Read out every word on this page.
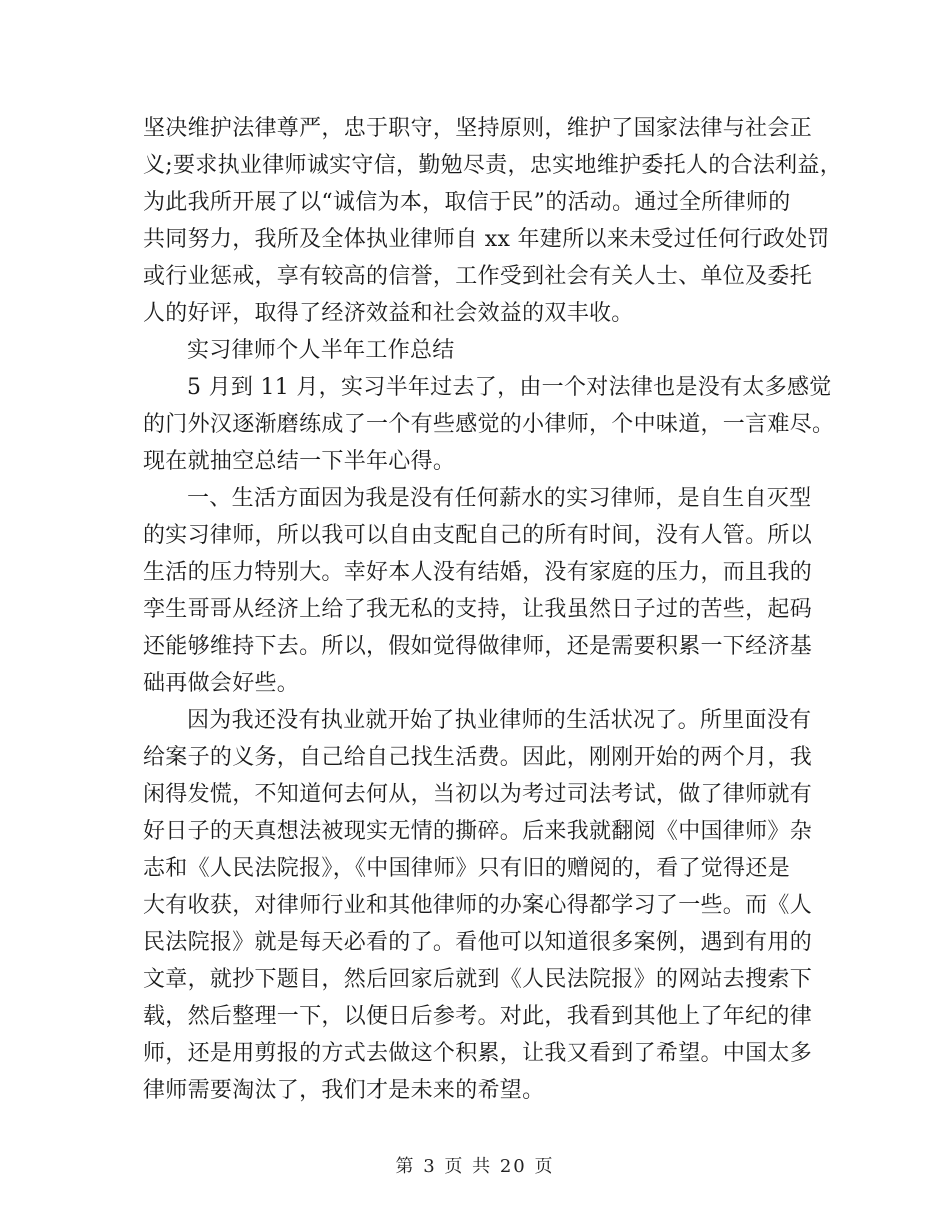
坚决维护法律尊严，忠于职守，坚持原则，维护了国家法律与社会正
义;要求执业律师诚实守信，勤勉尽责，忠实地维护委托人的合法利益，
为此我所开展了以“诚信为本，取信于民”的活动。通过全所律师的
共同努力，我所及全体执业律师自 xx 年建所以来未受过任何行政处罚
或行业惩戒，享有较高的信誉，工作受到社会有关人士、单位及委托
人的好评，取得了经济效益和社会效益的双丰收。
实习律师个人半年工作总结
5 月到 11 月，实习半年过去了，由一个对法律也是没有太多感觉
的门外汉逐渐磨练成了一个有些感觉的小律师，个中味道，一言难尽。
现在就抽空总结一下半年心得。
一、生活方面因为我是没有任何薪水的实习律师，是自生自灭型
的实习律师，所以我可以自由支配自己的所有时间，没有人管。所以
生活的压力特别大。幸好本人没有结婚，没有家庭的压力，而且我的
孪生哥哥从经济上给了我无私的支持，让我虽然日子过的苦些，起码
还能够维持下去。所以，假如觉得做律师，还是需要积累一下经济基
础再做会好些。
因为我还没有执业就开始了执业律师的生活状况了。所里面没有
给案子的义务，自己给自己找生活费。因此，刚刚开始的两个月，我
闲得发慌，不知道何去何从，当初以为考过司法考试，做了律师就有
好日子的天真想法被现实无情的撕碎。后来我就翻阅《中国律师》杂
志和《人民法院报》，《中国律师》只有旧的赠阅的，看了觉得还是
大有收获，对律师行业和其他律师的办案心得都学习了一些。而《人
民法院报》就是每天必看的了。看他可以知道很多案例，遇到有用的
文章，就抄下题目，然后回家后就到《人民法院报》的网站去搜索下
载，然后整理一下，以便日后参考。对此，我看到其他上了年纪的律
师，还是用剪报的方式去做这个积累，让我又看到了希望。中国太多
律师需要淘汰了，我们才是未来的希望。
第 3 页 共 20 页
